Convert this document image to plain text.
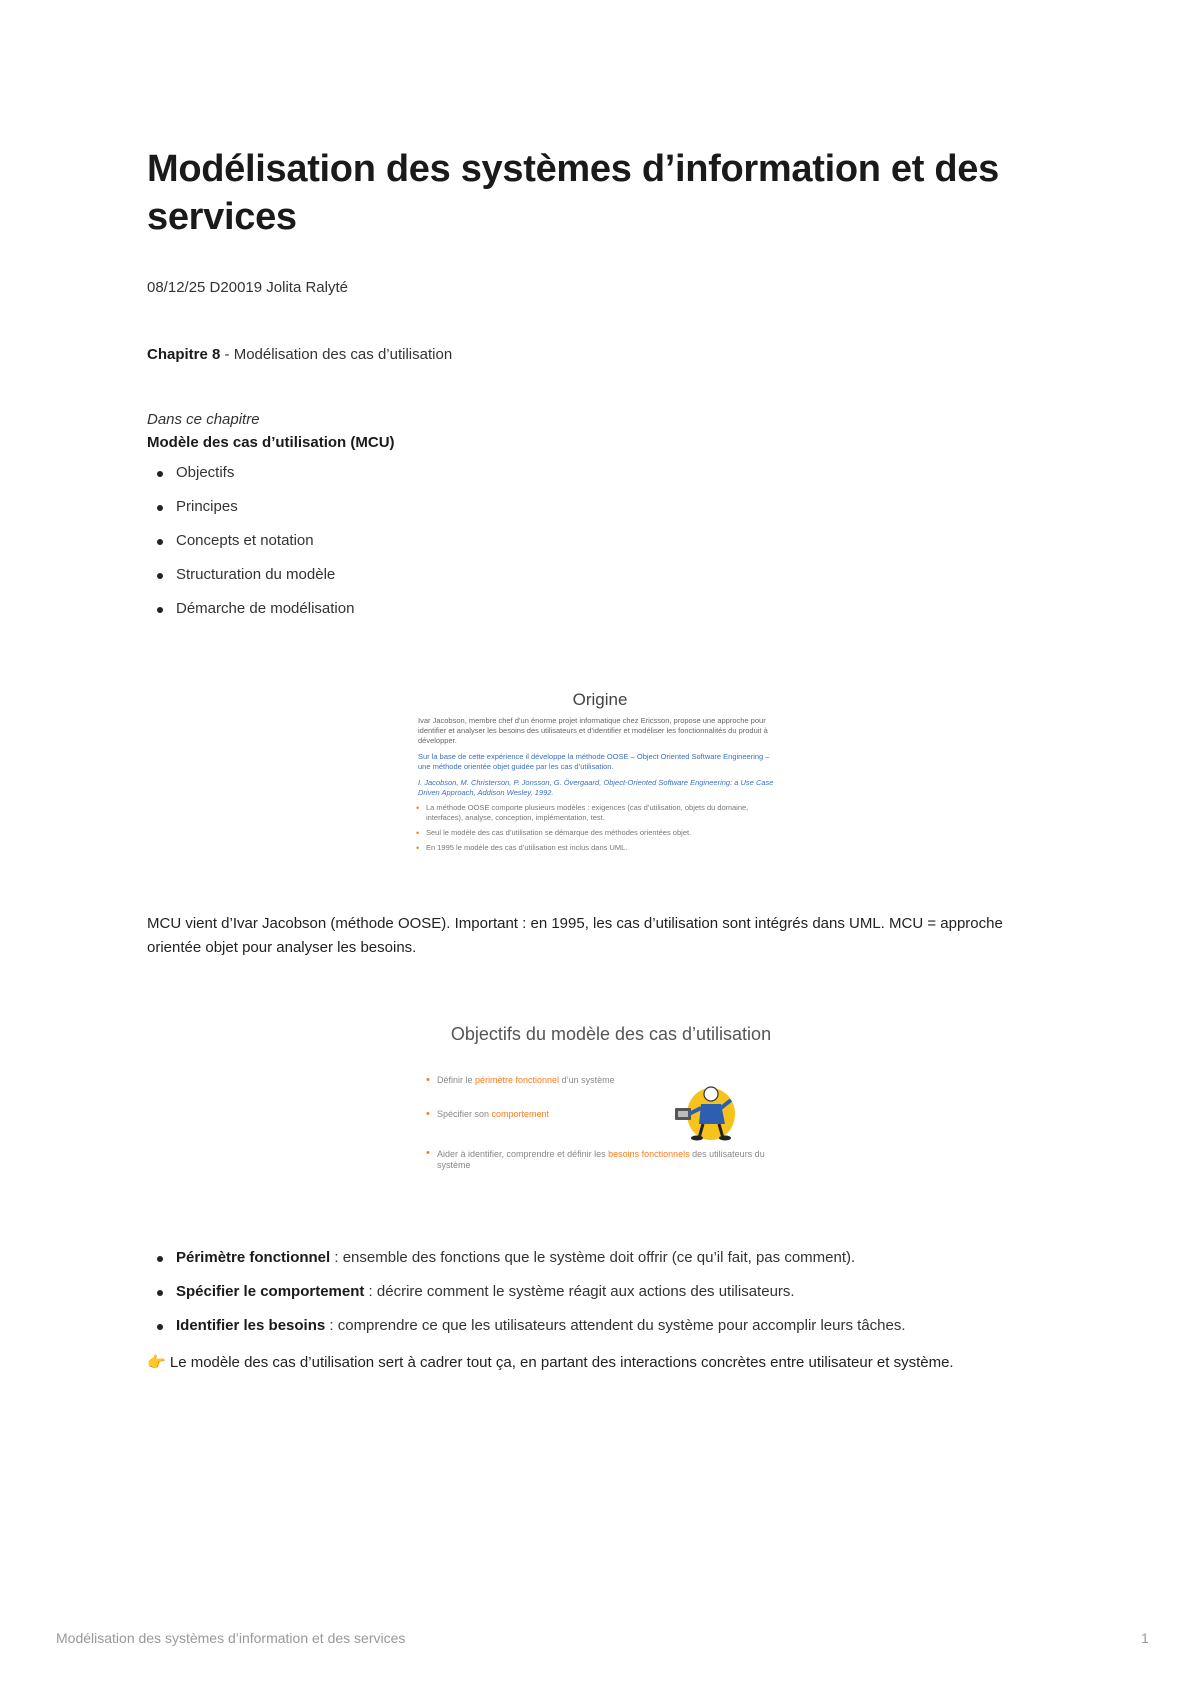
Modélisation des systèmes d’information et des services

08/12/25 D20019 Jolita Ralyté

Chapitre 8 - Modélisation des cas d’utilisation

Dans ce chapitre

Modèle des cas d’utilisation (MCU)

Objectifs
Principes
Concepts et notation
Structuration du modèle
Démarche de modélisation
Origine
Ivar Jacobson, membre chef d’un énorme projet informatique chez Ericsson, propose une approche pour identifier et analyser les besoins des utilisateurs et d’identifier et modéliser les fonctionnalités du produit à développer.
Sur la base de cette expérience il développe la méthode OOSE – Object Oriented Software Engineering – une méthode orientée objet guidée par les cas d’utilisation.
I. Jacobson, M. Christerson, P. Jonsson, G. Övergaard, Object-Oriented Software Engineering: a Use Case Driven Approach, Addison Wesley, 1992.
• La méthode OOSE comporte plusieurs modèles : exigences (cas d’utilisation, objets du domaine, interfaces), analyse, conception, implémentation, test.
• Seul le modèle des cas d’utilisation se démarque des méthodes orientées objet.
• En 1995 le modèle des cas d’utilisation est inclus dans UML.

MCU vient d’Ivar Jacobson (méthode OOSE). Important : en 1995, les cas d’utilisation sont intégrés dans UML. MCU = approche orientée objet pour analyser les besoins.

Objectifs du modèle des cas d’utilisation
• Définir le périmètre fonctionnel d’un système
• Spécifier son comportement
• Aider à identifier, comprendre et définir les besoins fonctionnels des utilisateurs du système
Périmètre fonctionnel : ensemble des fonctions que le système doit offrir (ce qu’il fait, pas comment).
Spécifier le comportement : décrire comment le système réagit aux actions des utilisateurs.
Identifier les besoins : comprendre ce que les utilisateurs attendent du système pour accomplir leurs tâches.

👉 Le modèle des cas d’utilisation sert à cadrer tout ça, en partant des interactions concrètes entre utilisateur et système.

Modélisation des systèmes d’information et des services	1
